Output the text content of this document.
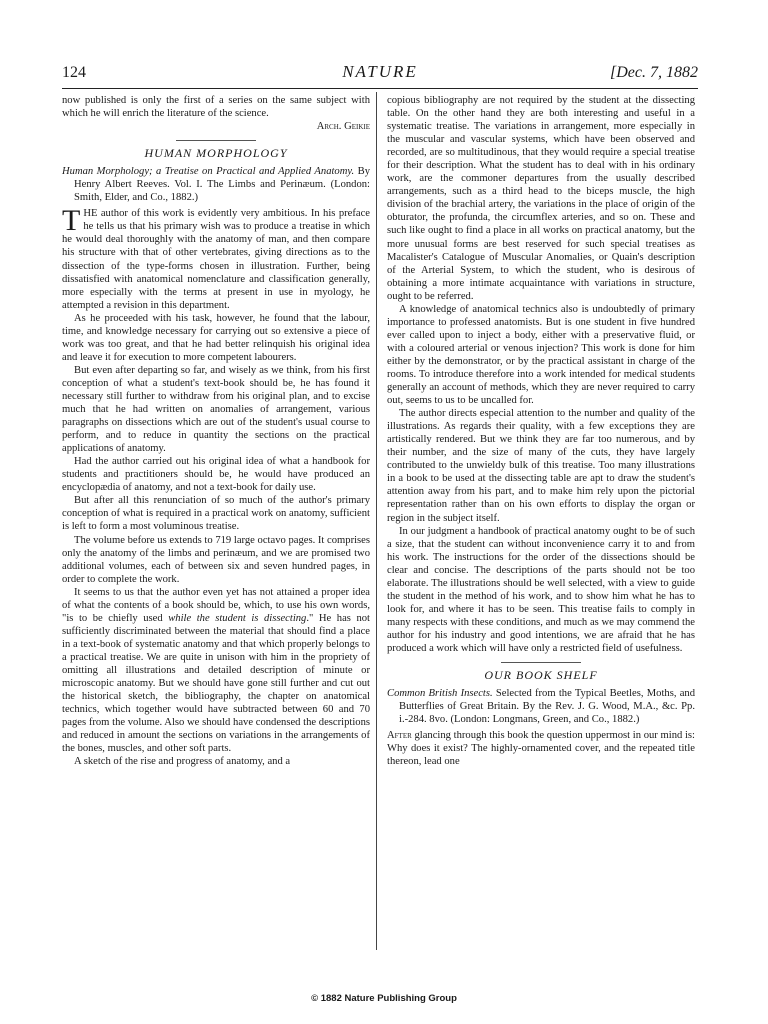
124	NATURE	[Dec. 7, 1882

now published is only the first of a series on the same subject with which he will enrich the literature of the science.

Arch. Geikie
HUMAN MORPHOLOGY
Human Morphology; a Treatise on Practical and Applied Anatomy. By Henry Albert Reeves. Vol. I. The Limbs and Perinæum. (London: Smith, Elder, and Co., 1882.)

THE author of this work is evidently very ambitious. In his preface he tells us that his primary wish was to produce a treatise in which he would deal thoroughly with the anatomy of man, and then compare his structure with that of other vertebrates, giving directions as to the dissection of the type-forms chosen in illustration. Further, being dissatisfied with anatomical nomenclature and classification generally, more especially with the terms at present in use in myology, he attempted a revision in this department.

As he proceeded with his task, however, he found that the labour, time, and knowledge necessary for carrying out so extensive a piece of work was too great, and that he had better relinquish his original idea and leave it for execution to more competent labourers.

But even after departing so far, and wisely as we think, from his first conception of what a student's text-book should be, he has found it necessary still further to withdraw from his original plan, and to excise much that he had written on anomalies of arrangement, various paragraphs on dissections which are out of the student's usual course to perform, and to reduce in quantity the sections on the practical applications of anatomy.

Had the author carried out his original idea of what a handbook for students and practitioners should be, he would have produced an encyclopædia of anatomy, and not a text-book for daily use.

But after all this renunciation of so much of the author's primary conception of what is required in a practical work on anatomy, sufficient is left to form a most voluminous treatise.

The volume before us extends to 719 large octavo pages. It comprises only the anatomy of the limbs and perinæum, and we are promised two additional volumes, each of between six and seven hundred pages, in order to complete the work.

It seems to us that the author even yet has not attained a proper idea of what the contents of a book should be, which, to use his own words, "is to be chiefly used while the student is dissecting." He has not sufficiently discriminated between the material that should find a place in a text-book of systematic anatomy and that which properly belongs to a practical treatise. We are quite in unison with him in the propriety of omitting all illustrations and detailed description of minute or microscopic anatomy. But we should have gone still further and cut out the historical sketch, the bibliography, the chapter on anatomical technics, which together would have subtracted between 60 and 70 pages from the volume. Also we should have condensed the descriptions and reduced in amount the sections on variations in the arrangements of the bones, muscles, and other soft parts.

A sketch of the rise and progress of anatomy, and a

copious bibliography are not required by the student at the dissecting table. On the other hand they are both interesting and useful in a systematic treatise. The variations in arrangement, more especially in the muscular and vascular systems, which have been observed and recorded, are so multitudinous, that they would require a special treatise for their description. What the student has to deal with in his ordinary work, are the commoner departures from the usually described arrangements, such as a third head to the biceps muscle, the high division of the brachial artery, the variations in the place of origin of the obturator, the profunda, the circumflex arteries, and so on. These and such like ought to find a place in all works on practical anatomy, but the more unusual forms are best reserved for such special treatises as Macalister's Catalogue of Muscular Anomalies, or Quain's description of the Arterial System, to which the student, who is desirous of obtaining a more intimate acquaintance with variations in structure, ought to be referred.

A knowledge of anatomical technics also is undoubtedly of primary importance to professed anatomists. But is one student in five hundred ever called upon to inject a body, either with a preservative fluid, or with a coloured arterial or venous injection? This work is done for him either by the demonstrator, or by the practical assistant in charge of the rooms. To introduce therefore into a work intended for medical students generally an account of methods, which they are never required to carry out, seems to us to be uncalled for.

The author directs especial attention to the number and quality of the illustrations. As regards their quality, with a few exceptions they are artistically rendered. But we think they are far too numerous, and by their number, and the size of many of the cuts, they have largely contributed to the unwieldy bulk of this treatise. Too many illustrations in a book to be used at the dissecting table are apt to draw the student's attention away from his part, and to make him rely upon the pictorial representation rather than on his own efforts to display the organ or region in the subject itself.

In our judgment a handbook of practical anatomy ought to be of such a size, that the student can without inconvenience carry it to and from his work. The instructions for the order of the dissections should be clear and concise. The descriptions of the parts should not be too elaborate. The illustrations should be well selected, with a view to guide the student in the method of his work, and to show him what he has to look for, and where it has to be seen. This treatise fails to comply in many respects with these conditions, and much as we may commend the author for his industry and good intentions, we are afraid that he has produced a work which will have only a restricted field of usefulness.

OUR BOOK SHELF
Common British Insects. Selected from the Typical Beetles, Moths, and Butterflies of Great Britain. By the Rev. J. G. Wood, M.A., &c. Pp. i.-284. 8vo. (London: Longmans, Green, and Co., 1882.)

After glancing through this book the question uppermost in our mind is: Why does it exist? The highly-ornamented cover, and the repeated title thereon, lead one

© 1882 Nature Publishing Group
